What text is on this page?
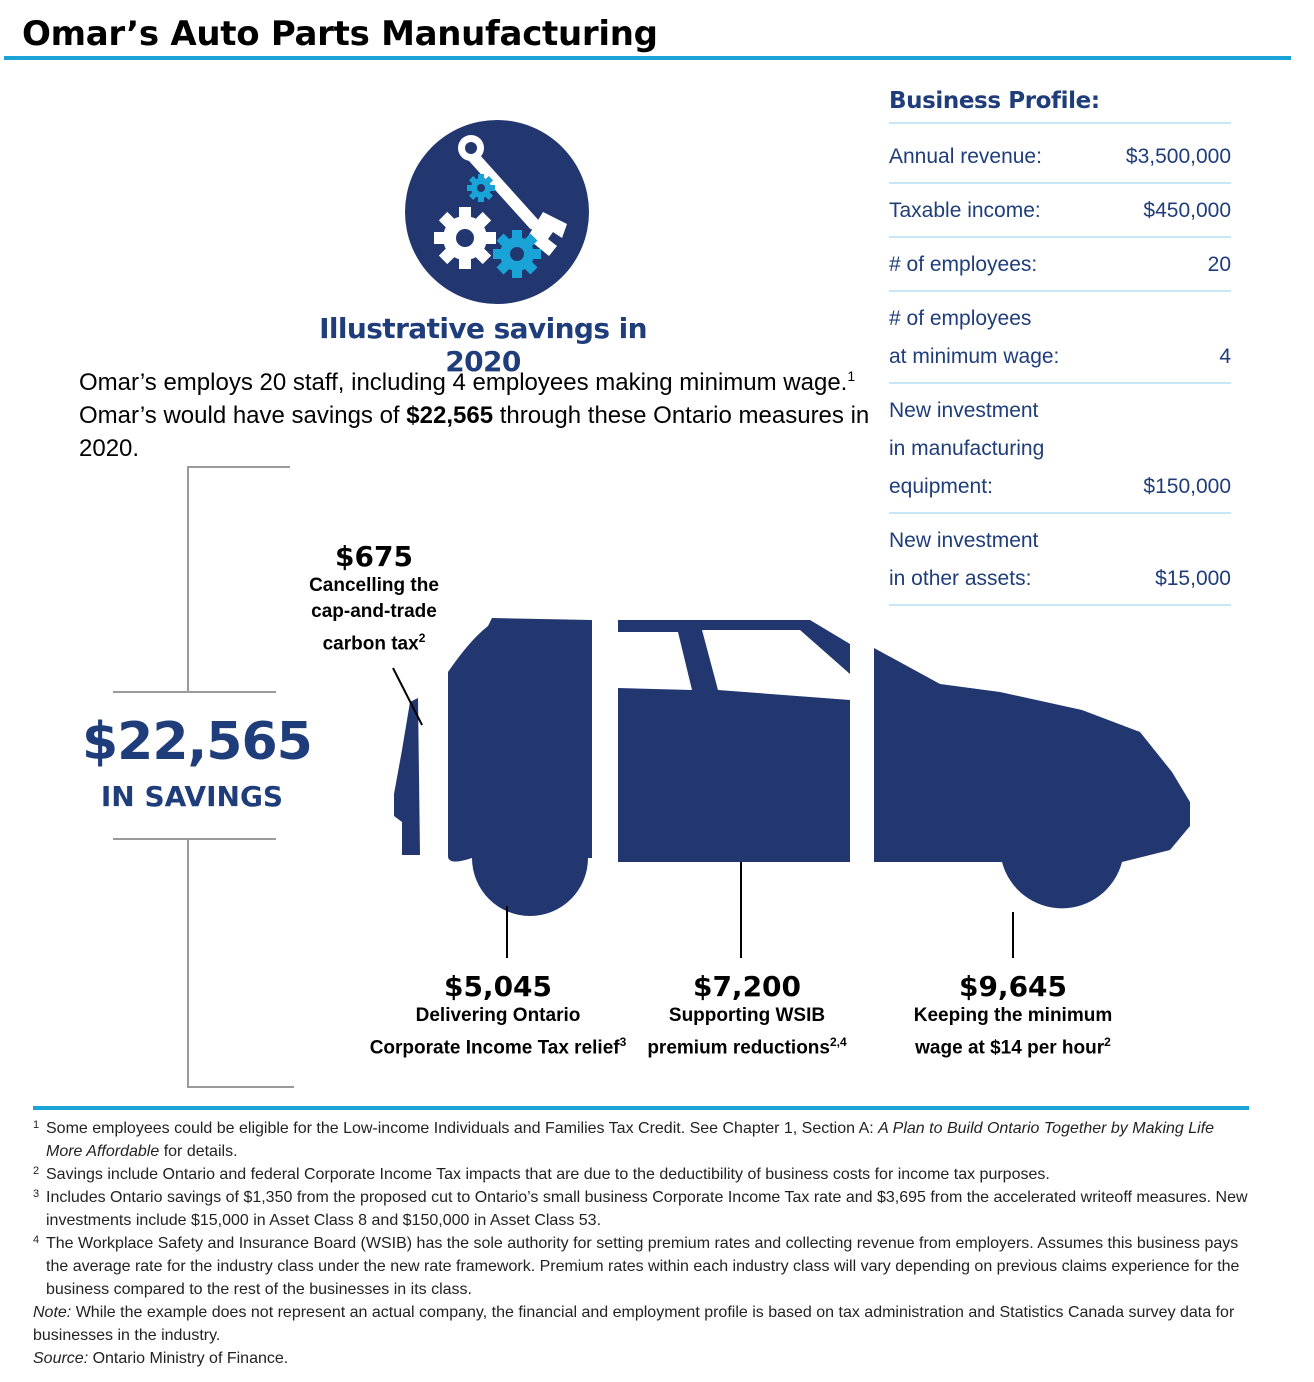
Omar’s Auto Parts Manufacturing
Illustrative savings in 2020

Omar’s employs 20 staff, including 4 employees making minimum wage.$^1$ Omar’s would have savings of $22,565 through these Ontario measures in 2020.

Business Profile:
Annual revenue:	$3,500,000
Taxable income:	$450,000
# of employees:	20
# of employees
at minimum wage:	4
New investment
in manufacturing
equipment:	$150,000
New investment
in other assets:	$15,000
$22,565
IN SAVINGS
$675
Cancelling the
cap-and-trade
carbon tax$^2$
$5,045
Delivering Ontario
Corporate Income Tax relief$^3$
$7,200
Supporting WSIB
premium reductions$^{2,4}$
$9,645
Keeping the minimum
wage at $14 per hour$^2$
1 Some employees could be eligible for the Low-income Individuals and Families Tax Credit. See Chapter 1, Section A: A Plan to Build Ontario Together by Making Life More Affordable for details.
2 Savings include Ontario and federal Corporate Income Tax impacts that are due to the deductibility of business costs for income tax purposes.
3 Includes Ontario savings of $1,350 from the proposed cut to Ontario’s small business Corporate Income Tax rate and $3,695 from the accelerated writeoff measures. New investments include $15,000 in Asset Class 8 and $150,000 in Asset Class 53.
4 The Workplace Safety and Insurance Board (WSIB) has the sole authority for setting premium rates and collecting revenue from employers. Assumes this business pays the average rate for the industry class under the new rate framework. Premium rates within each industry class will vary depending on previous claims experience for the business compared to the rest of the businesses in its class.

Note: While the example does not represent an actual company, the financial and employment profile is based on tax administration and Statistics Canada survey data for businesses in the industry.

Source: Ontario Ministry of Finance.
